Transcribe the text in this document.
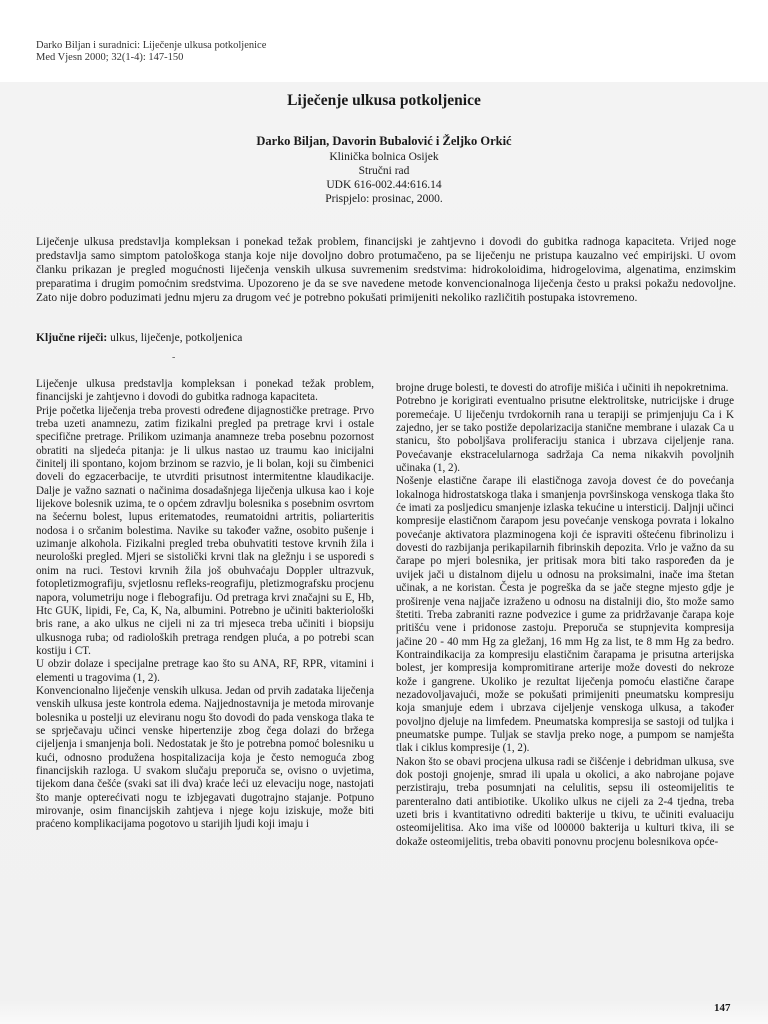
Darko Biljan i suradnici: Liječenje ulkusa potkoljenice
Med Vjesn 2000; 32(1-4): 147-150
Liječenje ulkusa potkoljenice
Darko Biljan, Davorin Bubalović i Željko Orkić
Klinička bolnica Osijek
Stručni rad
UDK 616-002.44:616.14
Prispjelo: prosinac, 2000.

Liječenje ulkusa predstavlja kompleksan i ponekad težak problem, financijski je zahtjevno i dovodi do gubitka radnoga kapaciteta. Vrijed noge predstavlja samo simptom patološkoga stanja koje nije dovoljno dobro protumačeno, pa se liječenju ne pristupa kauzalno već empirijski. U ovom članku prikazan je pregled mogućnosti liječenja venskih ulkusa suvremenim sredstvima: hidrokoloidima, hidrogelovima, algenatima, enzimskim preparatima i drugim pomoćnim sredstvima. Upozoreno je da se sve navedene metode konvencionalnoga liječenja često u praksi pokažu nedovoljne. Zato nije dobro poduzimati jednu mjeru za drugom već je potrebno pokušati primijeniti nekoliko različitih postupaka istovremeno.

Ključne riječi: ulkus, liječenje, potkoljenica
-

Liječenje ulkusa predstavlja kompleksan i ponekad težak problem, financijski je zahtjevno i dovodi do gubitka radnoga kapaciteta.

Prije početka liječenja treba provesti određene dijagnostičke pretrage. Prvo treba uzeti anamnezu, zatim fizikalni pregled pa pretrage krvi i ostale specifične pretrage. Prilikom uzimanja anamneze treba posebnu pozornost obratiti na sljedeća pitanja: je li ulkus nastao uz traumu kao inicijalni činitelj ili spontano, kojom brzinom se razvio, je li bolan, koji su čimbenici doveli do egzacerbacije, te utvrditi prisutnost intermitentne klaudikacije. Dalje je važno saznati o načinima dosadašnjega liječenja ulkusa kao i koje lijekove bolesnik uzima, te o općem zdravlju bolesnika s posebnim osvrtom na šećernu bolest, lupus eritematodes, reumatoidni artritis, poliarteritis nodosa i o srčanim bolestima. Navike su također važne, osobito pušenje i uzimanje alkohola. Fizikalni pregled treba obuhvatiti testove krvnih žila i neurološki pregled. Mjeri se sistolički krvni tlak na gležnju i se usporedi s onim na ruci. Testovi krvnih žila još obuhvaćaju Doppler ultrazvuk, fotopletizmografiju, svjetlosnu refleks-reografiju, pletizmografsku procjenu napora, volumetriju noge i flebografiju. Od pretraga krvi značajni su E, Hb, Htc GUK, lipidi, Fe, Ca, K, Na, albumini. Potrebno je učiniti bakteriološki bris rane, a ako ulkus ne cijeli ni za tri mjeseca treba učiniti i biopsiju ulkusnoga ruba; od radioloških pretraga rendgen pluća, a po potrebi scan kostiju i CT.

U obzir dolaze i specijalne pretrage kao što su ANA, RF, RPR, vitamini i elementi u tragovima (1, 2).

Konvencionalno liječenje venskih ulkusa. Jedan od prvih zadataka liječenja venskih ulkusa jeste kontrola edema. Najjednostavnija je metoda mirovanje bolesnika u postelji uz eleviranu nogu što dovodi do pada venskoga tlaka te se sprječavaju učinci venske hipertenzije zbog čega dolazi do bržega cijeljenja i smanjenja boli. Nedostatak je što je potrebna pomoć bolesniku u kući, odnosno produžena hospitalizacija koja je često nemoguća zbog financijskih razloga. U svakom slučaju preporuča se, ovisno o uvjetima, tijekom dana češće (svaki sat ili dva) kraće leći uz elevaciju noge, nastojati što manje opterećivati nogu te izbjegavati dugotrajno stajanje. Potpuno mirovanje, osim financijskih zahtjeva i njege koju iziskuje, može biti praćeno komplikacijama pogotovo u starijih ljudi koji imaju i

brojne druge bolesti, te dovesti do atrofije mišića i učiniti ih nepokretnima.

Potrebno je korigirati eventualno prisutne elektrolitske, nutricijske i druge poremećaje. U liječenju tvrdokornih rana u terapiji se primjenjuju Ca i K zajedno, jer se tako postiže depolarizacija stanične membrane i ulazak Ca u stanicu, što poboljšava proliferaciju stanica i ubrzava cijeljenje rana. Povećavanje ekstracelularnoga sadržaja Ca nema nikakvih povoljnih učinaka (1, 2).

Nošenje elastične čarape ili elastičnoga zavoja dovest će do povećanja lokalnoga hidrostatskoga tlaka i smanjenja površinskoga venskoga tlaka što će imati za posljedicu smanjenje izlaska tekućine u intersticij. Daljnji učinci kompresije elastičnom čarapom jesu povećanje venskoga povrata i lokalno povećanje aktivatora plazminogena koji će ispraviti oštećenu fibrinolizu i dovesti do razbijanja perikapilarnih fibrinskih depozita. Vrlo je važno da su čarape po mjeri bolesnika, jer pritisak mora biti tako raspoređen da je uvijek jači u distalnom dijelu u odnosu na proksimalni, inače ima štetan učinak, a ne koristan. Česta je pogreška da se jače stegne mjesto gdje je proširenje vena najjače izraženo u odnosu na distalniji dio, što može samo štetiti. Treba zabraniti razne podvezice i gume za pridržavanje čarapa koje pritišću vene i pridonose zastoju. Preporuča se stupnjevita kompresija jačine 20 - 40 mm Hg za gležanj, 16 mm Hg za list, te 8 mm Hg za bedro. Kontraindikacija za kompresiju elastičnim čarapama je prisutna arterijska bolest, jer kompresija kompromitirane arterije može dovesti do nekroze kože i gangrene. Ukoliko je rezultat liječenja pomoću elastične čarape nezadovoljavajući, može se pokušati primijeniti pneumatsku kompresiju koja smanjuje edem i ubrzava cijeljenje venskoga ulkusa, a također povoljno djeluje na limfedem. Pneumatska kompresija se sastoji od tuljka i pneumatske pumpe. Tuljak se stavlja preko noge, a pumpom se namješta tlak i ciklus kompresije (1, 2).

Nakon što se obavi procjena ulkusa radi se čišćenje i debridman ulkusa, sve dok postoji gnojenje, smrad ili upala u okolici, a ako nabrojane pojave perzistiraju, treba posumnjati na celulitis, sepsu ili osteomijelitis te parenteralno dati antibiotike. Ukoliko ulkus ne cijeli za 2-4 tjedna, treba uzeti bris i kvantitativno odrediti bakterije u tkivu, te učiniti evaluaciju osteomijelitisa. Ako ima više od l00000 bakterija u kulturi tkiva, ili se dokaže osteomijelitis, treba obaviti ponovnu procjenu bolesnikova opće-

147
